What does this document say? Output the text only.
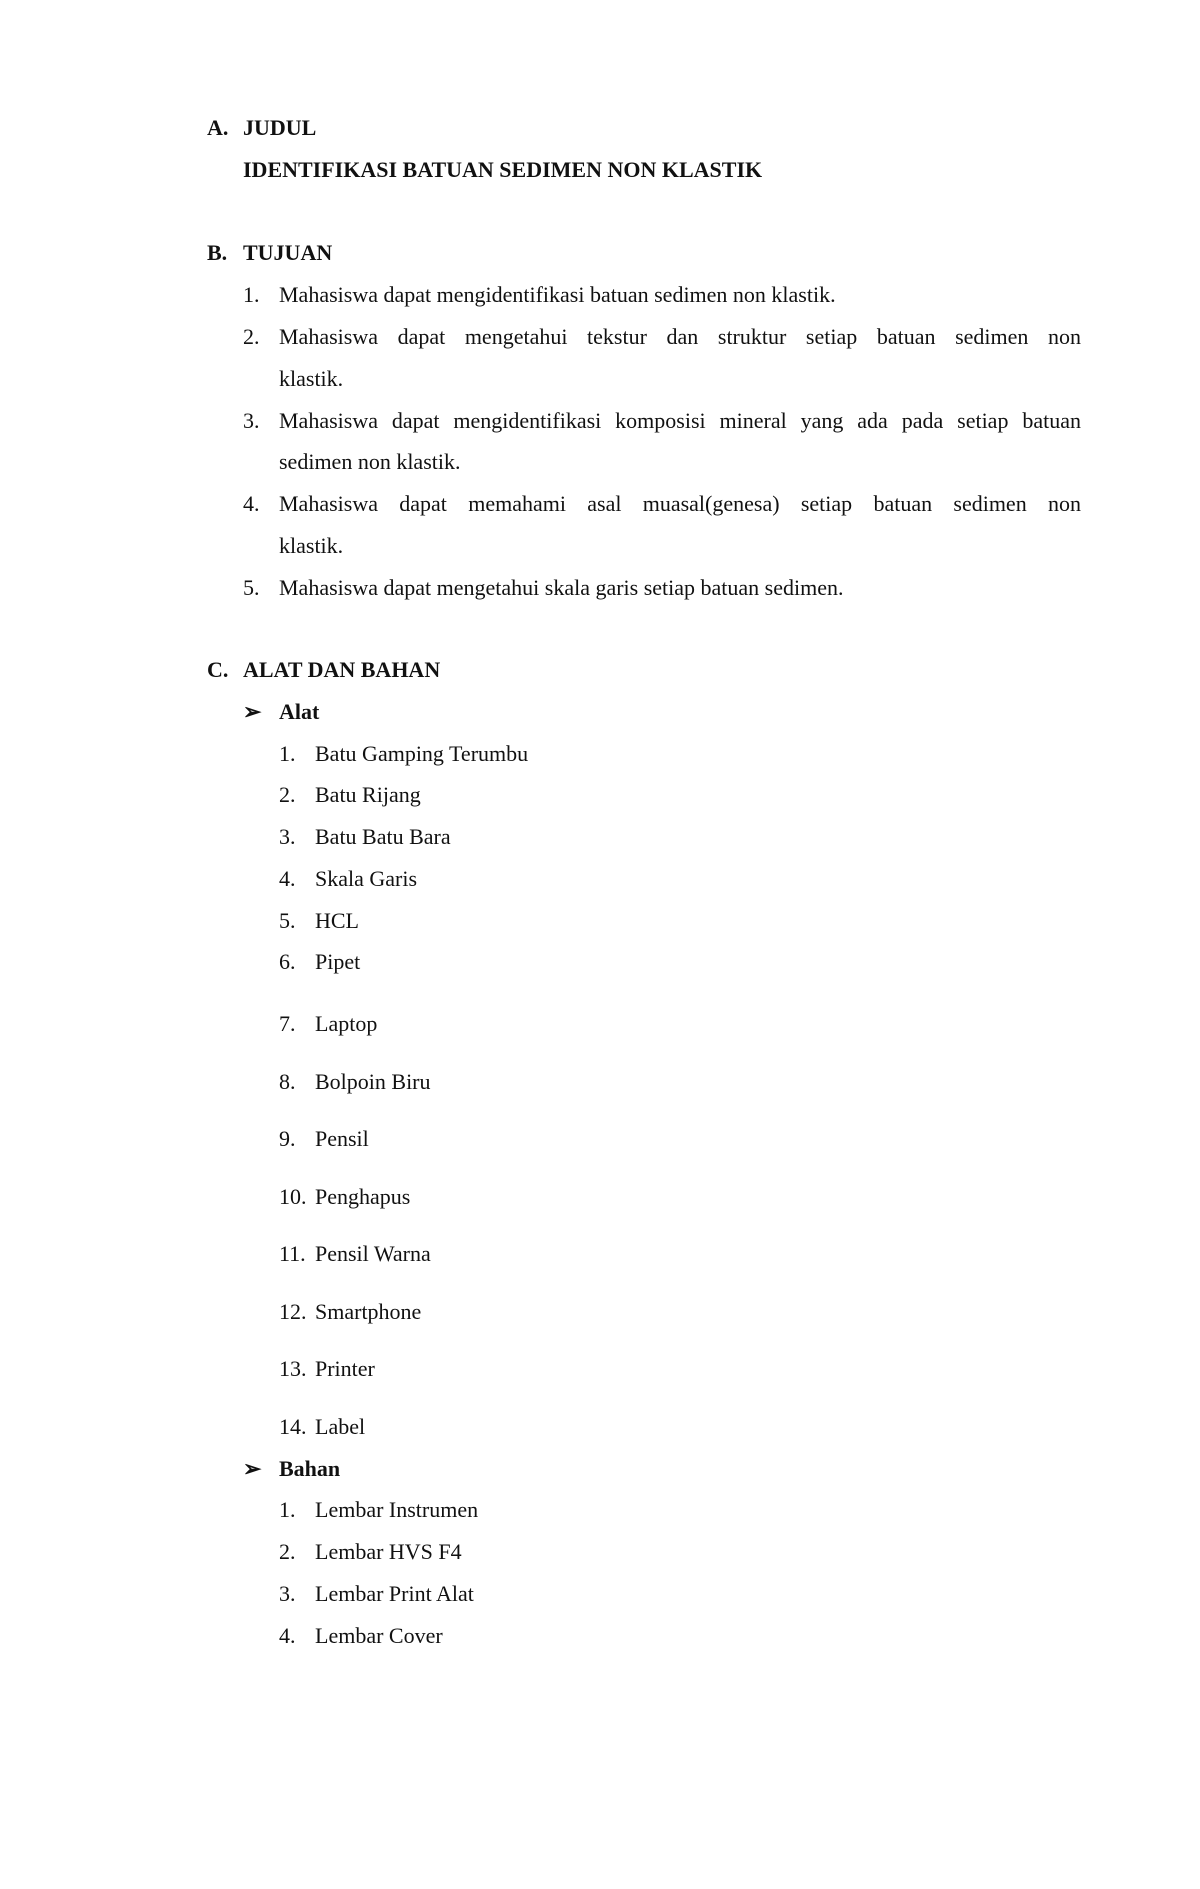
A. JUDUL
IDENTIFIKASI BATUAN SEDIMEN NON KLASTIK
B. TUJUAN
1. Mahasiswa dapat mengidentifikasi batuan sedimen non klastik.
2. Mahasiswa dapat mengetahui tekstur dan struktur setiap batuan sedimen non
klastik.
3. Mahasiswa dapat mengidentifikasi komposisi mineral yang ada pada setiap batuan
sedimen non klastik.
4. Mahasiswa dapat memahami asal muasal(genesa) setiap batuan sedimen non
klastik.
5. Mahasiswa dapat mengetahui skala garis setiap batuan sedimen.
C. ALAT DAN BAHAN
➢ Alat
1. Batu Gamping Terumbu
2. Batu Rijang
3. Batu Batu Bara
4. Skala Garis
5. HCL
6. Pipet
7. Laptop
8. Bolpoin Biru
9. Pensil
10. Penghapus
11. Pensil Warna
12. Smartphone
13. Printer
14. Label
➢ Bahan
1. Lembar Instrumen
2. Lembar HVS F4
3. Lembar Print Alat
4. Lembar Cover
